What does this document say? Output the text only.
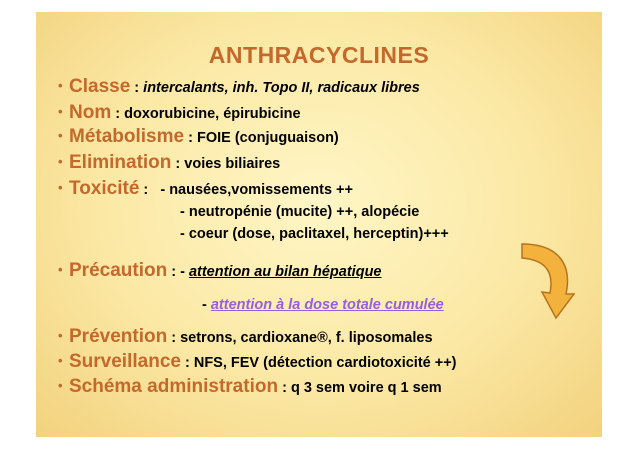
ANTHRACYCLINES
• Classe : intercalants, inh. Topo II, radicaux libres
• Nom : doxorubicine, épirubicine
• Métabolisme : FOIE (conjuguaison)
• Elimination : voies biliaires
• Toxicité :   - nausées,vomissements ++
- neutropénie (mucite) ++, alopécie
- coeur (dose, paclitaxel, herceptin)+++
• Précaution : - attention au bilan hépatique
- attention à la dose totale cumulée
• Prévention : setrons, cardioxane®, f. liposomales
• Surveillance : NFS, FEV (détection cardiotoxicité ++)
• Schéma administration : q 3 sem voire q 1 sem
